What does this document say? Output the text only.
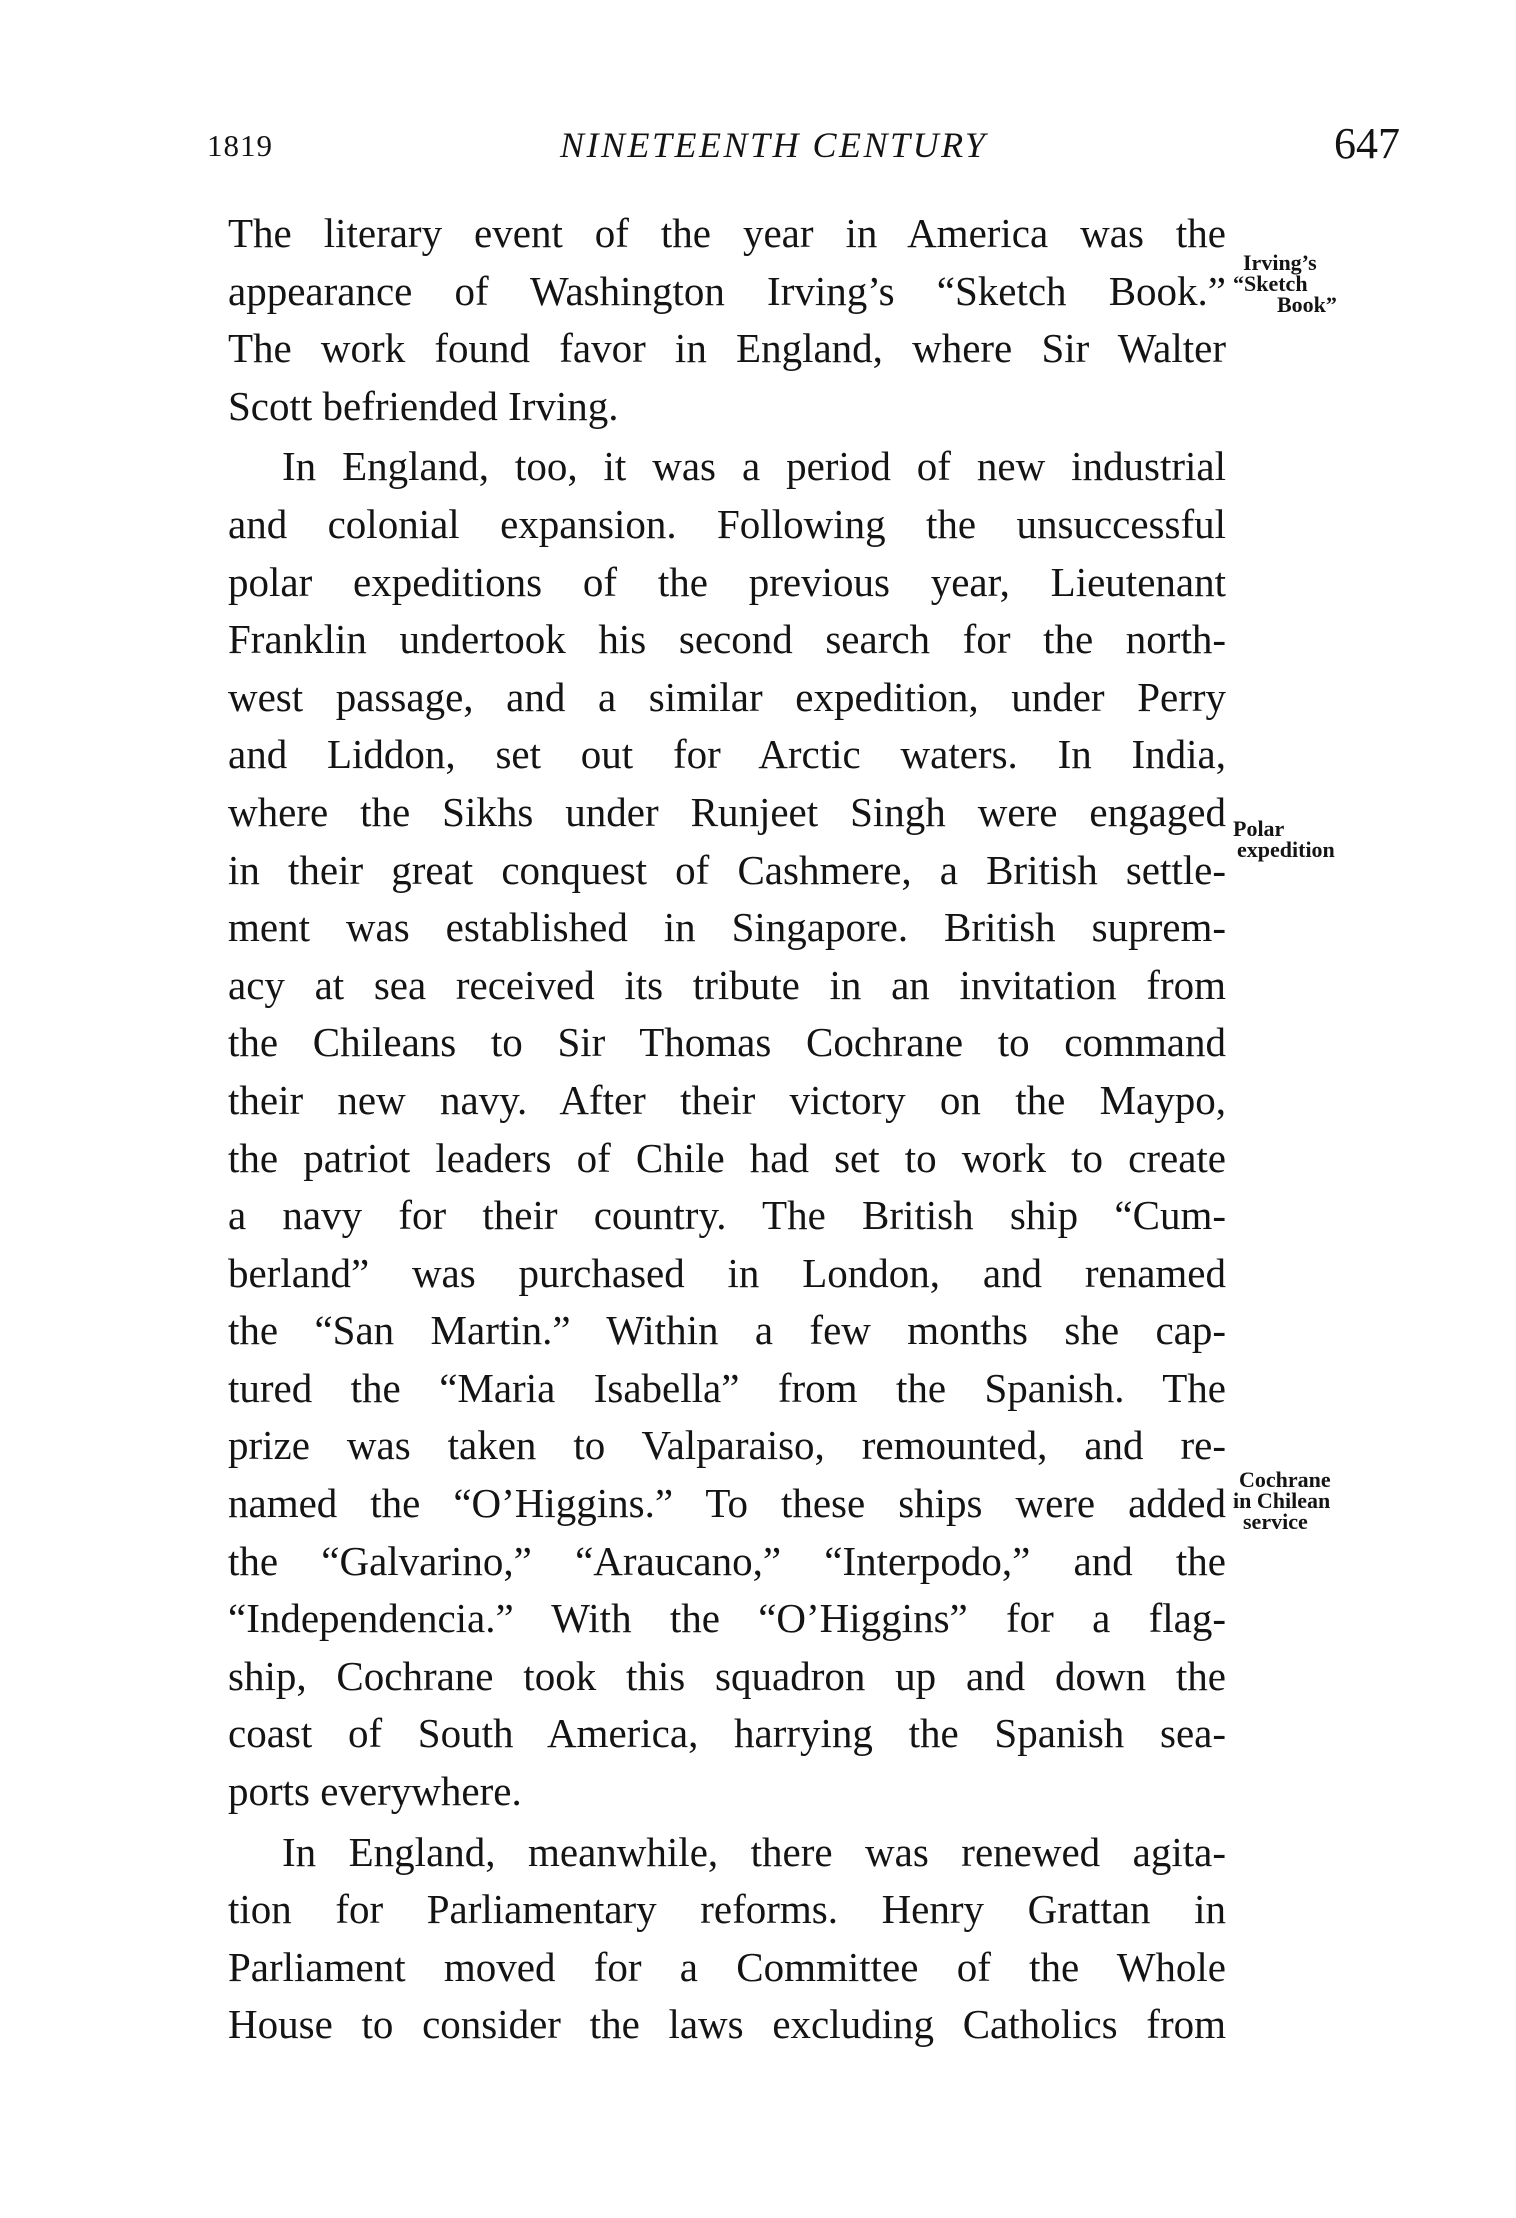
1819	NINETEENTH CENTURY	647
The literary event of the year in America was the
appearance of Washington Irving’s “Sketch Book.”
The work found favor in England, where Sir Walter
Scott befriended Irving.
In England, too, it was a period of new industrial
and colonial expansion. Following the unsuccessful
polar expeditions of the previous year, Lieutenant
Franklin undertook his second search for the north-
west passage, and a similar expedition, under Perry
and Liddon, set out for Arctic waters. In India,
where the Sikhs under Runjeet Singh were engaged
in their great conquest of Cashmere, a British settle-
ment was established in Singapore. British suprem-
acy at sea received its tribute in an invitation from
the Chileans to Sir Thomas Cochrane to command
their new navy. After their victory on the Maypo,
the patriot leaders of Chile had set to work to create
a navy for their country. The British ship “Cum-
berland” was purchased in London, and renamed
the “San Martin.” Within a few months she cap-
tured the “Maria Isabella” from the Spanish. The
prize was taken to Valparaiso, remounted, and re-
named the “O’Higgins.” To these ships were added
the “Galvarino,” “Araucano,” “Interpodo,” and the
“Independencia.” With the “O’Higgins” for a flag-
ship, Cochrane took this squadron up and down the
coast of South America, harrying the Spanish sea-
ports everywhere.
In England, meanwhile, there was renewed agita-
tion for Parliamentary reforms. Henry Grattan in
Parliament moved for a Committee of the Whole
House to consider the laws excluding Catholics from
Irving’s
“Sketch
Book”
Polar
expedition
Cochrane
in Chilean
service
